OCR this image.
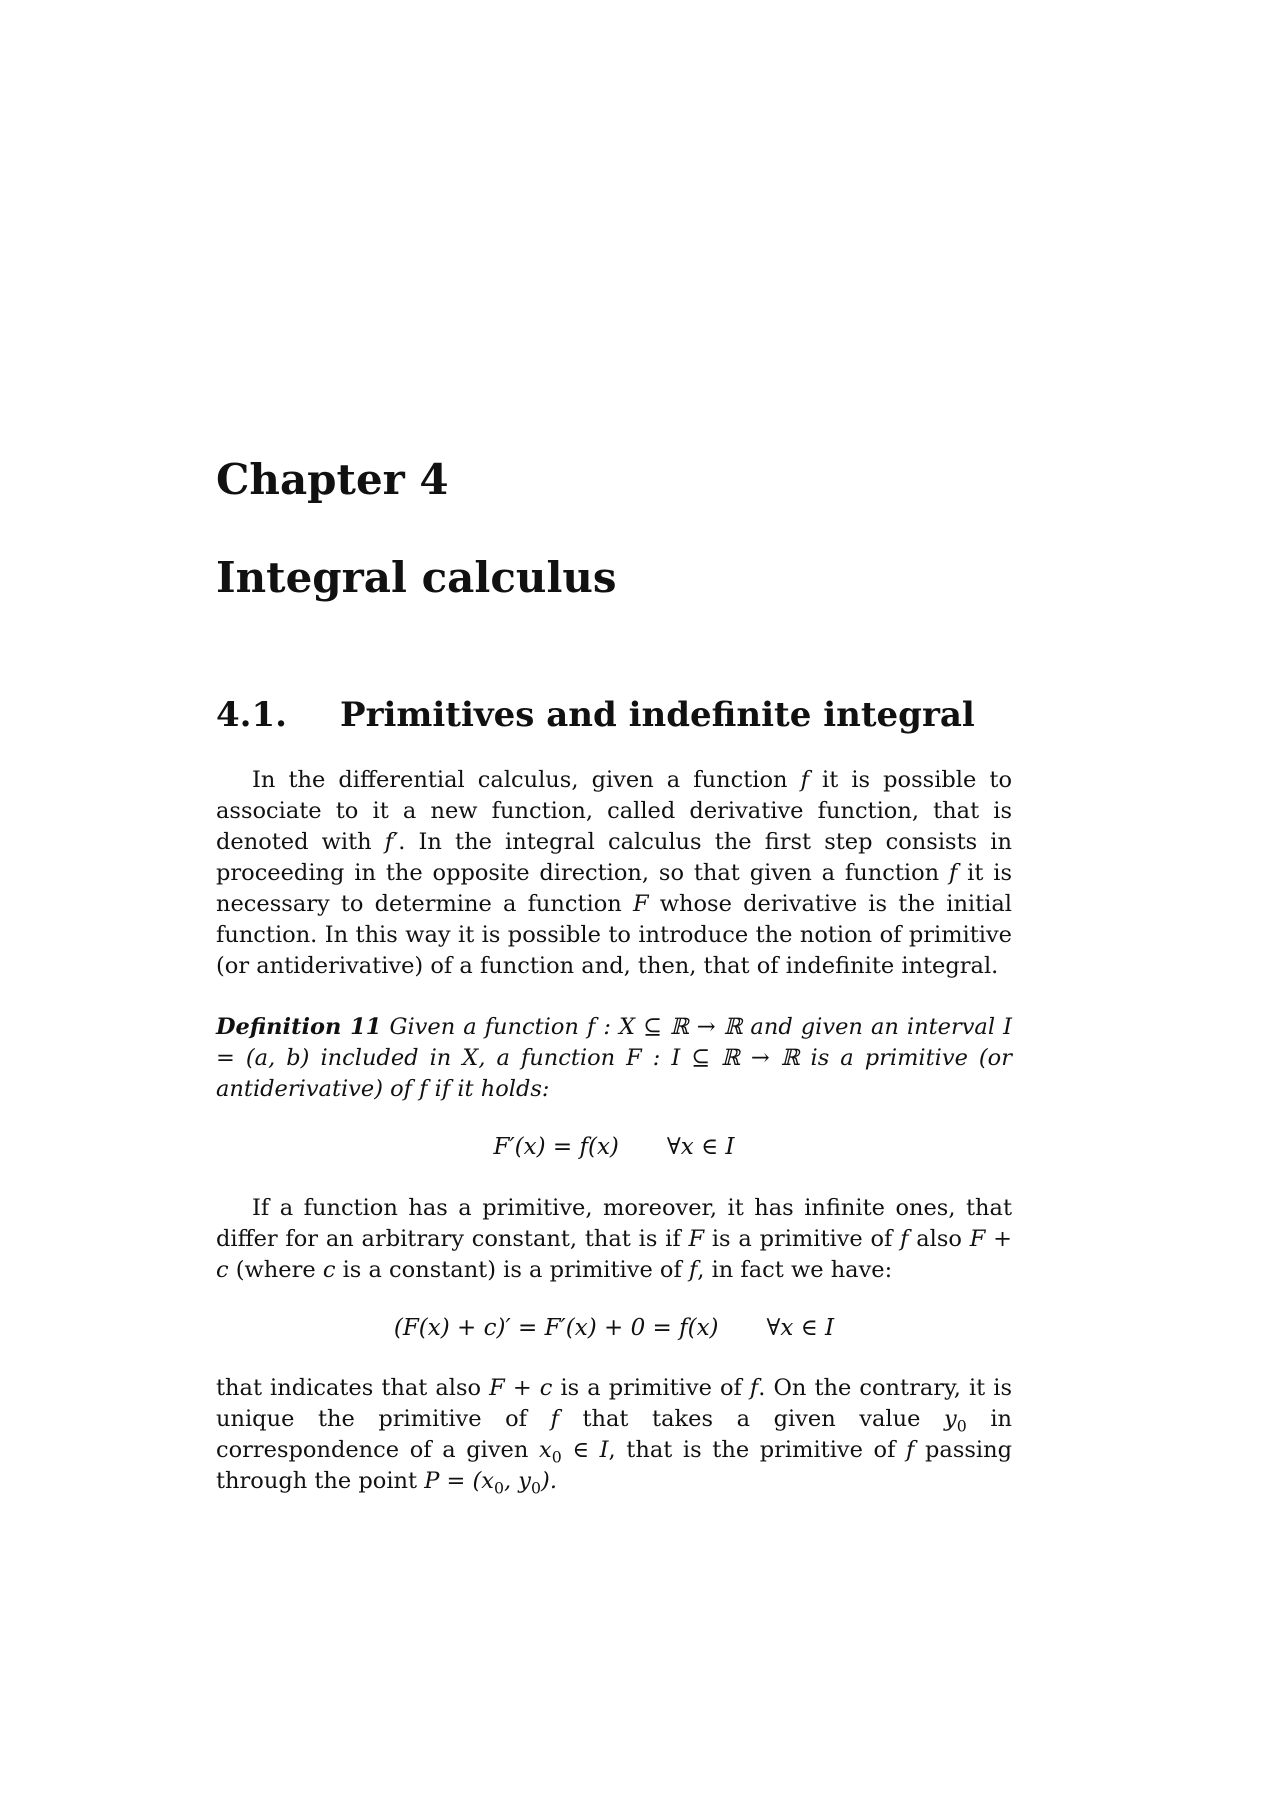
Chapter 4
Integral calculus
4.1. Primitives and indefinite integral

In the differential calculus, given a function f it is possible to associate to it a new function, called derivative function, that is denoted with f′. In the integral calculus the first step consists in proceeding in the opposite direction, so that given a function f it is necessary to determine a function F whose derivative is the initial function. In this way it is possible to introduce the notion of primitive (or antiderivative) of a function and, then, that of indefinite integral.

Definition 11 Given a function f : X ⊆ ℝ → ℝ and given an interval I = (a, b) included in X, a function F : I ⊆ ℝ → ℝ is a primitive (or antiderivative) of f if it holds:

F′(x) = f(x) ∀x ∈ I

If a function has a primitive, moreover, it has infinite ones, that differ for an arbitrary constant, that is if F is a primitive of f also F + c (where c is a constant) is a primitive of f, in fact we have:

(F(x) + c)′ = F′(x) + 0 = f(x) ∀x ∈ I

that indicates that also F + c is a primitive of f. On the contrary, it is unique the primitive of f that takes a given value $y_0$ in correspondence of a given $x_0$ ∈ I, that is the primitive of f passing through the point $P = (x_0$, $y_0$).
